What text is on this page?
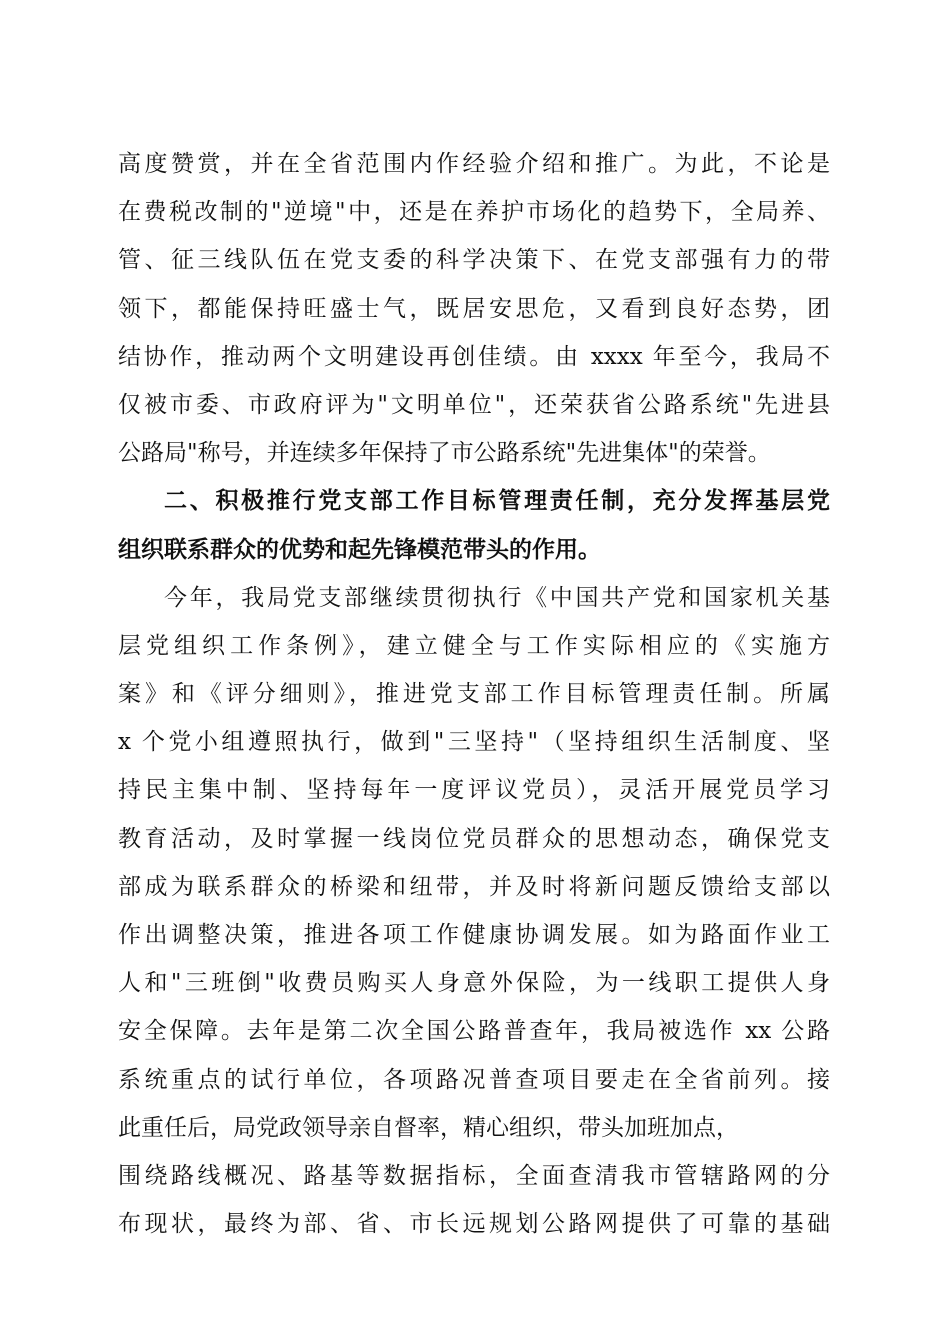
高度赞赏，并在全省范围内作经验介绍和推广。为此，不论是
在费税改制的"逆境"中，还是在养护市场化的趋势下，全局养、
管、征三线队伍在党支委的科学决策下、在党支部强有力的带
领下，都能保持旺盛士气，既居安思危，又看到良好态势，团
结协作，推动两个文明建设再创佳绩。由 xxxx 年至今，我局不
仅被市委、市政府评为"文明单位"，还荣获省公路系统"先进县
公路局"称号，并连续多年保持了市公路系统"先进集体"的荣誉。
二、积极推行党支部工作目标管理责任制，充分发挥基层党
组织联系群众的优势和起先锋模范带头的作用。
今年，我局党支部继续贯彻执行《中国共产党和国家机关基
层党组织工作条例》，建立健全与工作实际相应的《实施方
案》和《评分细则》，推进党支部工作目标管理责任制。所属
x 个党小组遵照执行，做到"三坚持"（坚持组织生活制度、坚
持民主集中制、坚持每年一度评议党员），灵活开展党员学习
教育活动，及时掌握一线岗位党员群众的思想动态，确保党支
部成为联系群众的桥梁和纽带，并及时将新问题反馈给支部以
作出调整决策，推进各项工作健康协调发展。如为路面作业工
人和"三班倒"收费员购买人身意外保险，为一线职工提供人身
安全保障。去年是第二次全国公路普查年，我局被选作 xx 公路
系统重点的试行单位，各项路况普查项目要走在全省前列。接
此重任后，局党政领导亲自督率，精心组织，带头加班加点，
围绕路线概况、路基等数据指标，全面查清我市管辖路网的分
布现状，最终为部、省、市长远规划公路网提供了可靠的基础
